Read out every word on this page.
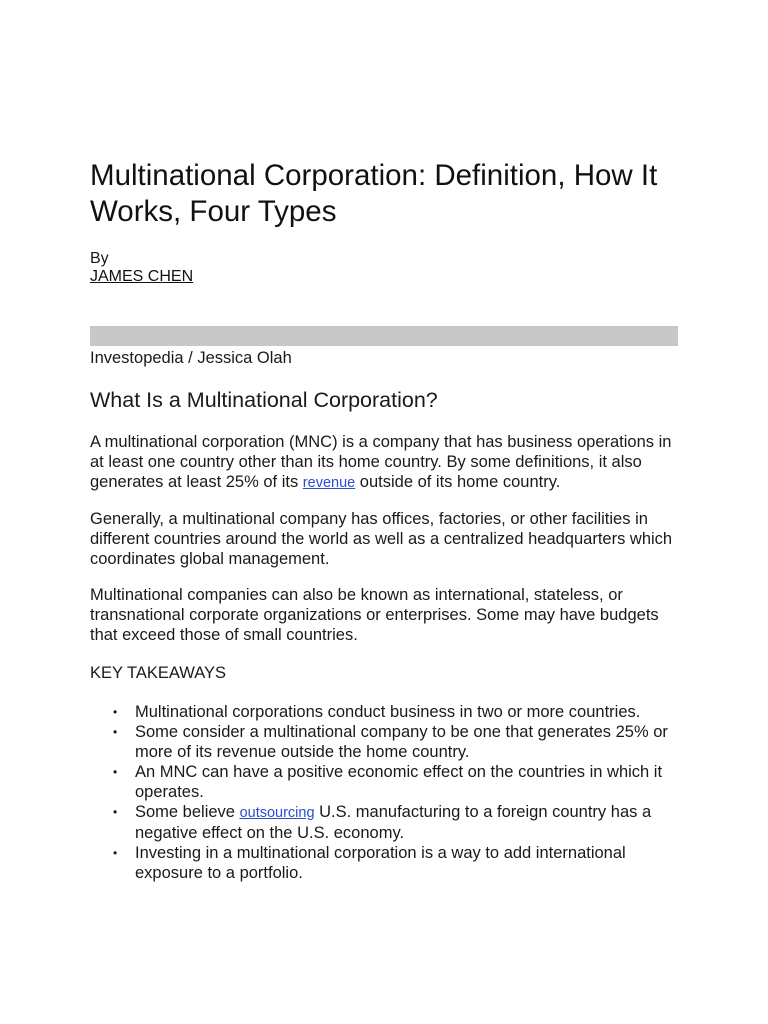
Multinational Corporation: Definition, How It Works, Four Types
By
JAMES CHEN
Investopedia / Jessica Olah
What Is a Multinational Corporation?

A multinational corporation (MNC) is a company that has business operations in at least one country other than its home country. By some definitions, it also generates at least 25% of its revenue outside of its home country.

Generally, a multinational company has offices, factories, or other facilities in different countries around the world as well as a centralized headquarters which coordinates global management.

Multinational companies can also be known as international, stateless, or transnational corporate organizations or enterprises. Some may have budgets that exceed those of small countries.

KEY TAKEAWAYS
• Multinational corporations conduct business in two or more countries.
• Some consider a multinational company to be one that generates 25% or more of its revenue outside the home country.
• An MNC can have a positive economic effect on the countries in which it operates.
• Some believe outsourcing U.S. manufacturing to a foreign country has a negative effect on the U.S. economy.
• Investing in a multinational corporation is a way to add international exposure to a portfolio.
